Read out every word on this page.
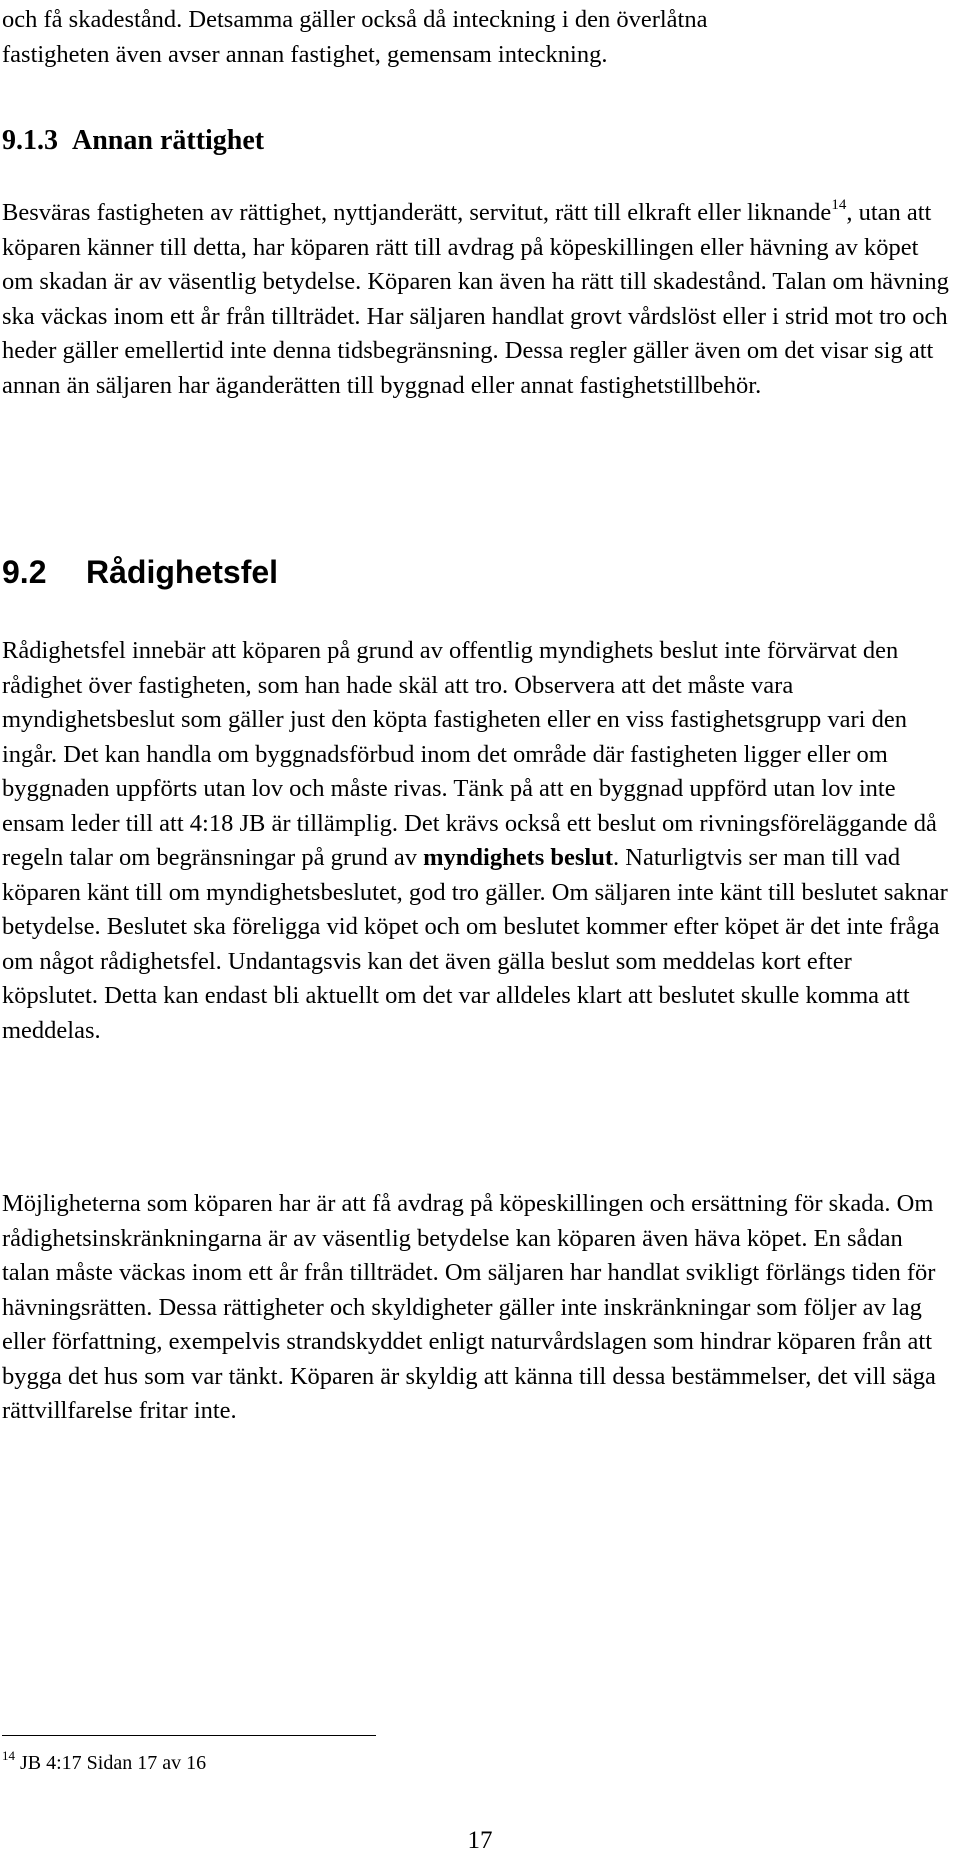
och få skadestånd. Detsamma gäller också då inteckning i den överlåtna
fastigheten även avser annan fastighet, gemensam inteckning.

9.1.3 Annan rättighet

Besväras fastigheten av rättighet, nyttjanderätt, servitut, rätt till elkraft eller liknande$^{14}$, utan att köparen känner till detta, har köparen rätt till avdrag på köpeskillingen eller hävning av köpet om skadan är av väsentlig betydelse. Köparen kan även ha rätt till skadestånd. Talan om hävning ska väckas inom ett år från tillträdet. Har säljaren handlat grovt vårdslöst eller i strid mot tro och heder gäller emellertid inte denna tidsbegränsning. Dessa regler gäller även om det visar sig att annan än säljaren har äganderätten till byggnad eller annat fastighetstillbehör.

9.2 Rådighetsfel

Rådighetsfel innebär att köparen på grund av offentlig myndighets beslut inte förvärvat den rådighet över fastigheten, som han hade skäl att tro. Observera att det måste vara myndighetsbeslut som gäller just den köpta fastigheten eller en viss fastighetsgrupp vari den ingår. Det kan handla om byggnadsförbud inom det område där fastigheten ligger eller om byggnaden uppförts utan lov och måste rivas. Tänk på att en byggnad uppförd utan lov inte ensam leder till att 4:18 JB är tillämplig. Det krävs också ett beslut om rivningsföreläggande då regeln talar om begränsningar på grund av myndighets beslut. Naturligtvis ser man till vad köparen känt till om myndighetsbeslutet, god tro gäller. Om säljaren inte känt till beslutet saknar betydelse. Beslutet ska föreligga vid köpet och om beslutet kommer efter köpet är det inte fråga om något rådighetsfel. Undantagsvis kan det även gälla beslut som meddelas kort efter köpslutet. Detta kan endast bli aktuellt om det var alldeles klart att beslutet skulle komma att meddelas.

Möjligheterna som köparen har är att få avdrag på köpeskillingen och ersättning för skada. Om rådighetsinskränkningarna är av väsentlig betydelse kan köparen även häva köpet. En sådan talan måste väckas inom ett år från tillträdet. Om säljaren har handlat svikligt förlängs tiden för hävningsrätten. Dessa rättigheter och skyldigheter gäller inte inskränkningar som följer av lag eller författning, exempelvis strandskyddet enligt naturvårdslagen som hindrar köparen från att bygga det hus som var tänkt. Köparen är skyldig att känna till dessa bestämmelser, det vill säga rättvillfarelse fritar inte.

$^{14}$ JB 4:17 Sidan 17 av 16

17
